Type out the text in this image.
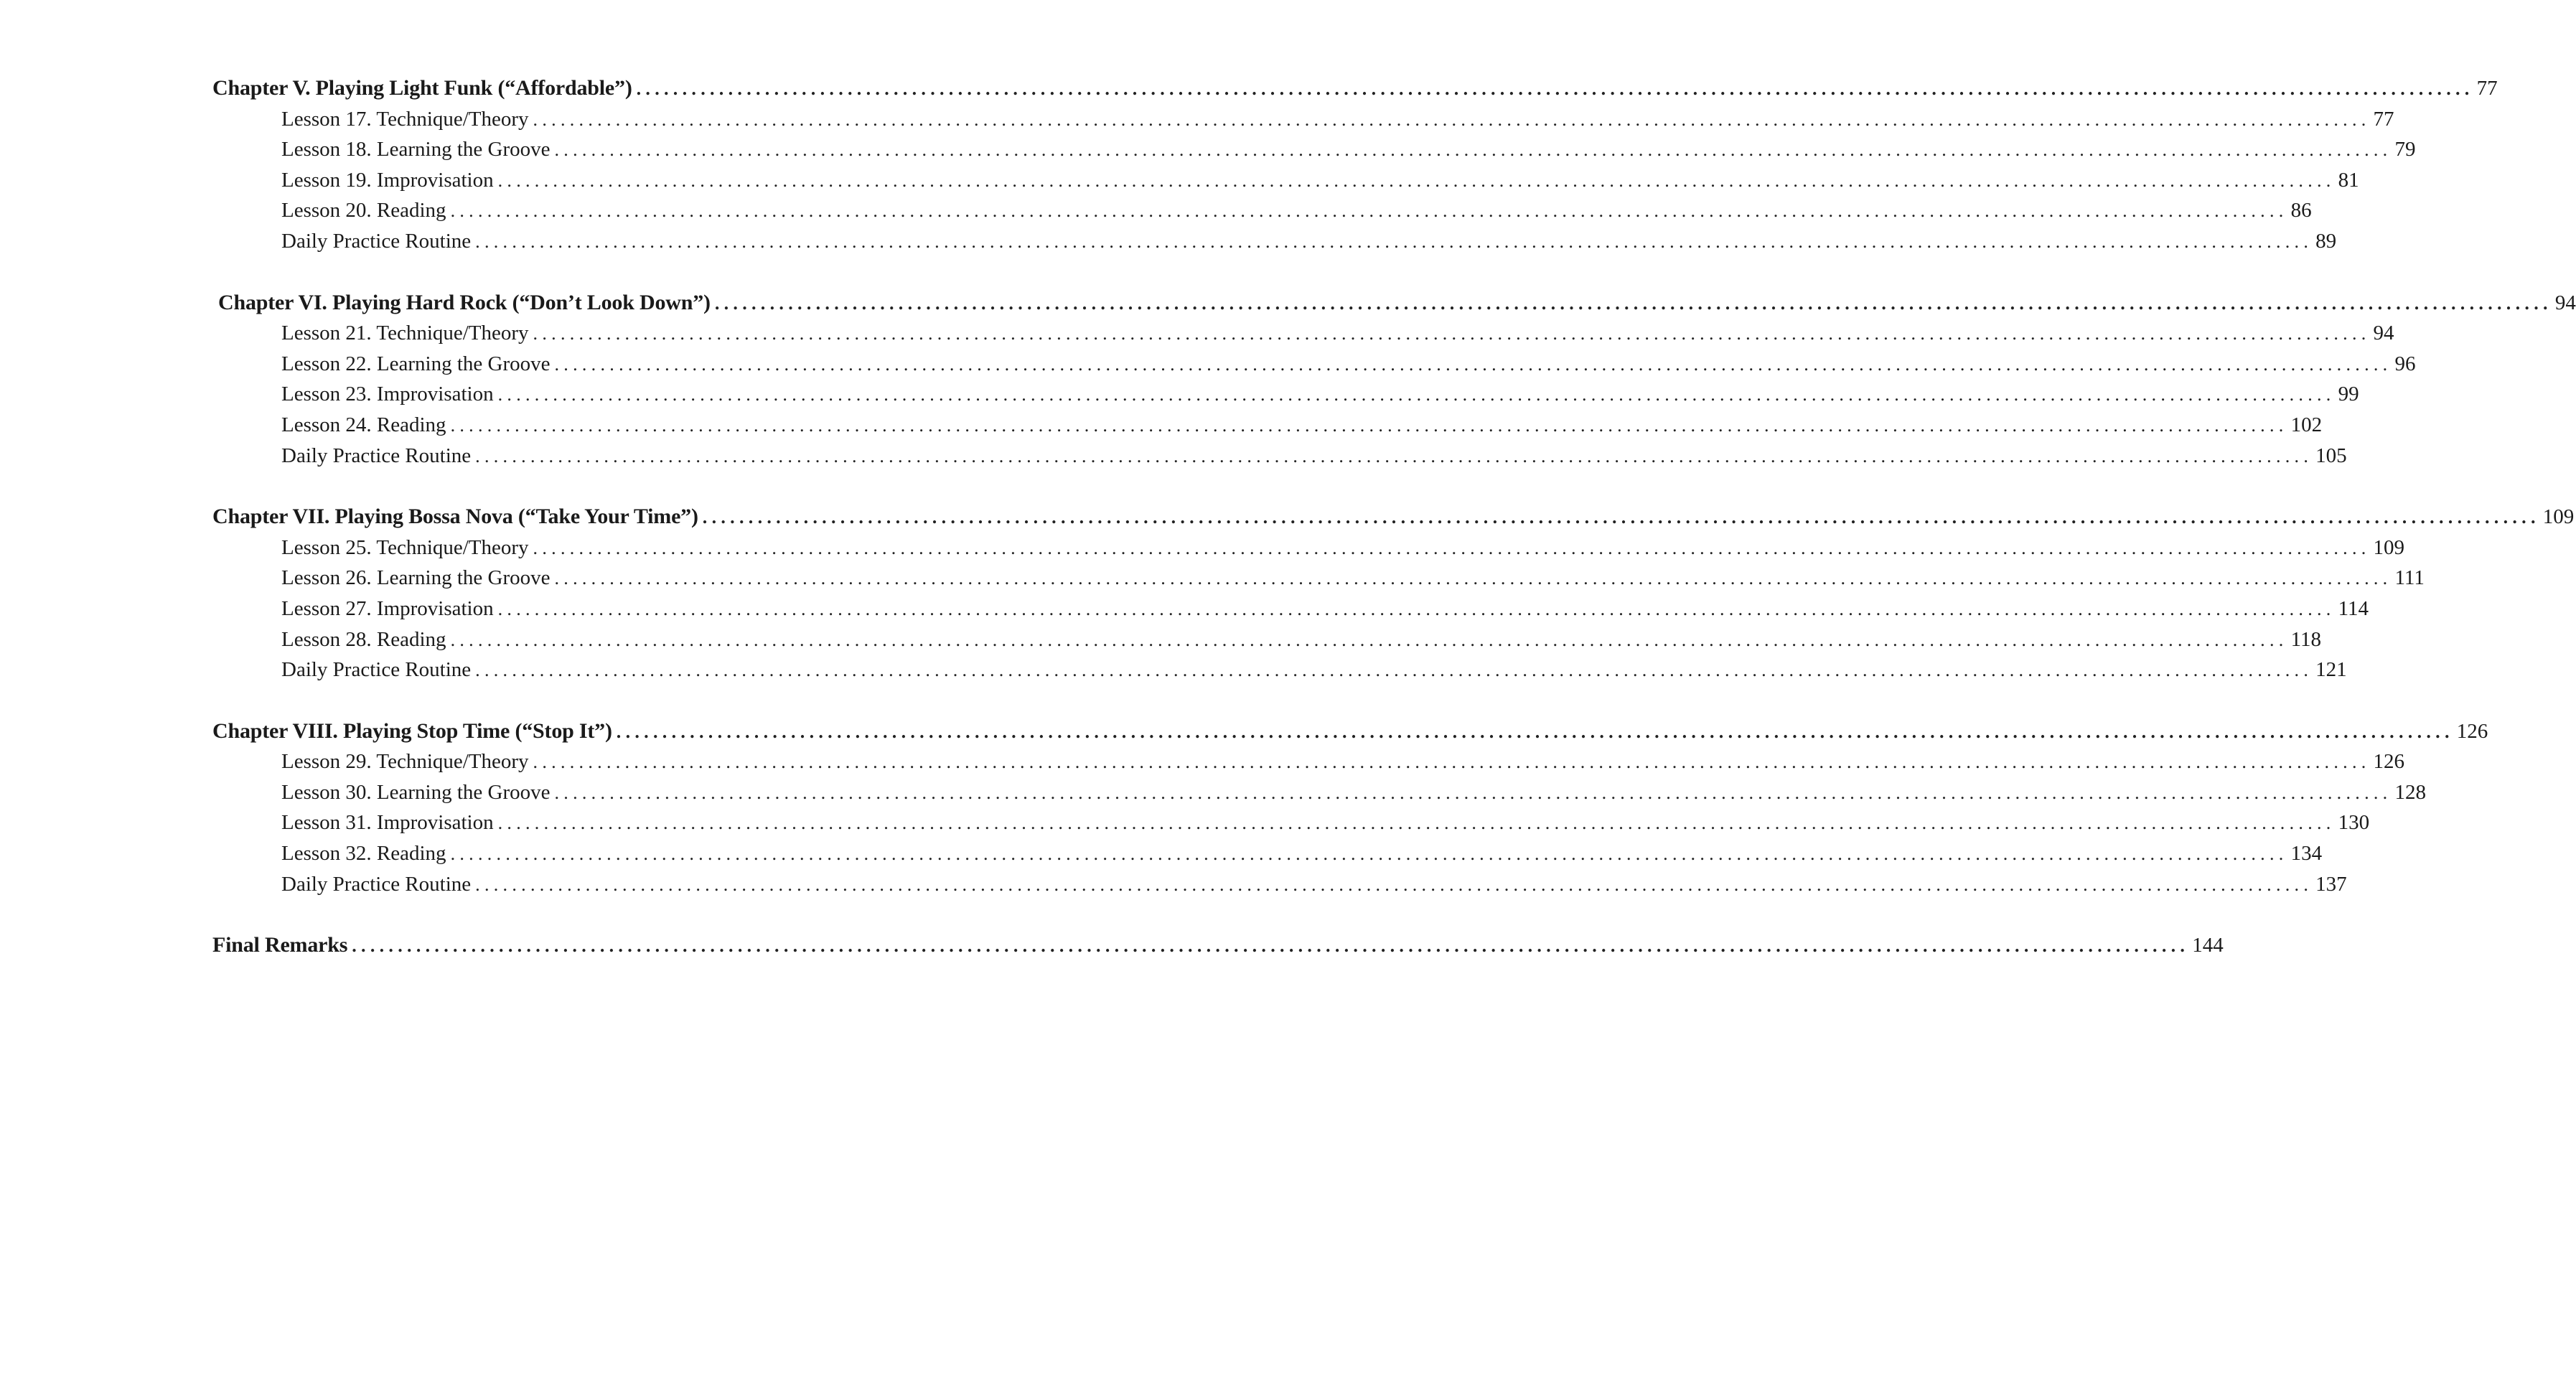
Chapter V. Playing Light Funk (“Affordable”) ........................................................................................................................................................................................................ 77
Lesson 17. Technique/Theory ........................................................................................................................................................................................................ 77
Lesson 18. Learning the Groove ........................................................................................................................................................................................................ 79
Lesson 19. Improvisation ........................................................................................................................................................................................................ 81
Lesson 20. Reading ........................................................................................................................................................................................................ 86
Daily Practice Routine ........................................................................................................................................................................................................ 89
Chapter VI. Playing Hard Rock (“Don’t Look Down”) ........................................................................................................................................................................................................ 94
Lesson 21. Technique/Theory ........................................................................................................................................................................................................ 94
Lesson 22. Learning the Groove ........................................................................................................................................................................................................ 96
Lesson 23. Improvisation ........................................................................................................................................................................................................ 99
Lesson 24. Reading ........................................................................................................................................................................................................ 102
Daily Practice Routine ........................................................................................................................................................................................................ 105
Chapter VII. Playing Bossa Nova (“Take Your Time”) ........................................................................................................................................................................................................ 109
Lesson 25. Technique/Theory ........................................................................................................................................................................................................ 109
Lesson 26. Learning the Groove ........................................................................................................................................................................................................ 111
Lesson 27. Improvisation ........................................................................................................................................................................................................ 114
Lesson 28. Reading ........................................................................................................................................................................................................ 118
Daily Practice Routine ........................................................................................................................................................................................................ 121
Chapter VIII. Playing Stop Time (“Stop It”) ........................................................................................................................................................................................................ 126
Lesson 29. Technique/Theory ........................................................................................................................................................................................................ 126
Lesson 30. Learning the Groove ........................................................................................................................................................................................................ 128
Lesson 31. Improvisation ........................................................................................................................................................................................................ 130
Lesson 32. Reading ........................................................................................................................................................................................................ 134
Daily Practice Routine ........................................................................................................................................................................................................ 137
Final Remarks ........................................................................................................................................................................................................ 144
